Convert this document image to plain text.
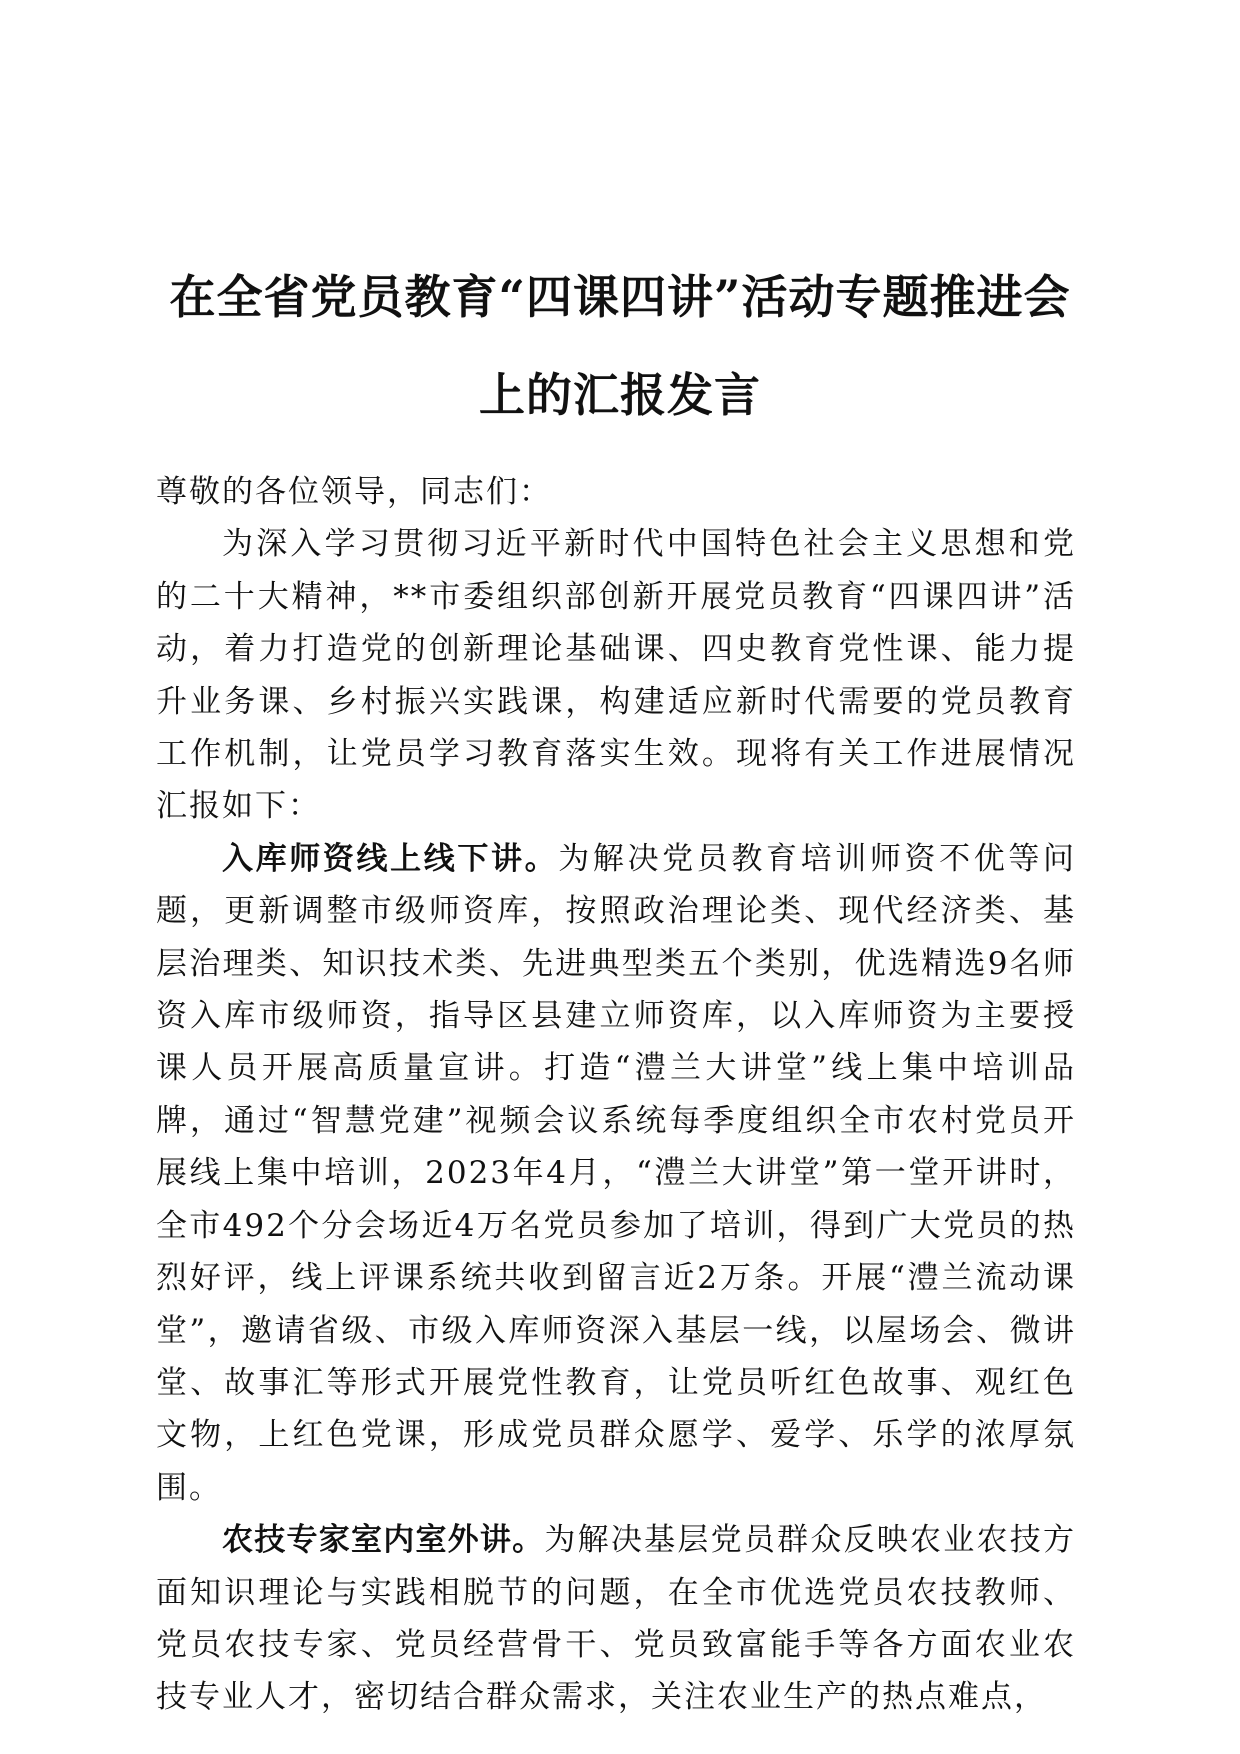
在全省党员教育“四课四讲”活动专题推进会
上的汇报发言

尊敬的各位领导，同志们：

为深入学习贯彻习近平新时代中国特色社会主义思想和党的二十大精神，**市委组织部创新开展党员教育“四课四讲”活动，着力打造党的创新理论基础课、四史教育党性课、能力提升业务课、乡村振兴实践课，构建适应新时代需要的党员教育工作机制，让党员学习教育落实生效。现将有关工作进展情况汇报如下：

入库师资线上线下讲。为解决党员教育培训师资不优等问题，更新调整市级师资库，按照政治理论类、现代经济类、基层治理类、知识技术类、先进典型类五个类别，优选精选9名师资入库市级师资，指导区县建立师资库，以入库师资为主要授课人员开展高质量宣讲。打造“澧兰大讲堂”线上集中培训品牌，通过“智慧党建”视频会议系统每季度组织全市农村党员开展线上集中培训，2023年4月，“澧兰大讲堂”第一堂开讲时，全市492个分会场近4万名党员参加了培训，得到广大党员的热烈好评，线上评课系统共收到留言近2万条。开展“澧兰流动课堂”，邀请省级、市级入库师资深入基层一线，以屋场会、微讲堂、故事汇等形式开展党性教育，让党员听红色故事、观红色文物，上红色党课，形成党员群众愿学、爱学、乐学的浓厚氛围。

农技专家室内室外讲。为解决基层党员群众反映农业农技方面知识理论与实践相脱节的问题，在全市优选党员农技教师、党员农技专家、党员经营骨干、党员致富能手等各方面农业农技专业人才，密切结合群众需求，关注农业生产的热点难点，
